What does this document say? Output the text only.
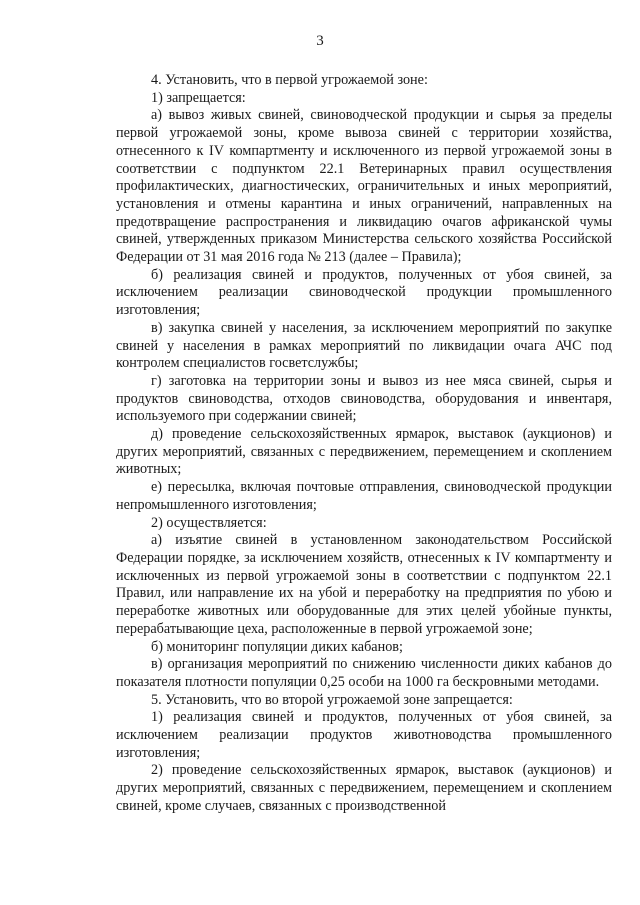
3

4. Установить, что в первой угрожаемой зоне:

1) запрещается:

а) вывоз живых свиней, свиноводческой продукции и сырья за пределы первой угрожаемой зоны, кроме вывоза свиней с территории хозяйства, отнесенного к IV компартменту и исключенного из первой угрожаемой зоны в соответствии с подпунктом 22.1 Ветеринарных правил осуществления профилактических, диагностических, ограничительных и иных мероприятий, установления и отмены карантина и иных ограничений, направленных на предотвращение распространения и ликвидацию очагов африканской чумы свиней, утвержденных приказом Министерства сельского хозяйства Российской Федерации от 31 мая 2016 года № 213 (далее – Правила);

б) реализация свиней и продуктов, полученных от убоя свиней, за исключением реализации свиноводческой продукции промышленного изготовления;

в) закупка свиней у населения, за исключением мероприятий по закупке свиней у населения в рамках мероприятий по ликвидации очага АЧС под контролем специалистов госветслужбы;

г) заготовка на территории зоны и вывоз из нее мяса свиней, сырья и продуктов свиноводства, отходов свиноводства, оборудования и инвентаря, используемого при содержании свиней;

д) проведение сельскохозяйственных ярмарок, выставок (аукционов) и других мероприятий, связанных с передвижением, перемещением и скоплением животных;

е) пересылка, включая почтовые отправления, свиноводческой продукции непромышленного изготовления;

2) осуществляется:

а) изъятие свиней в установленном законодательством Российской Федерации порядке, за исключением хозяйств, отнесенных к IV компартменту и исключенных из первой угрожаемой зоны в соответствии с подпунктом 22.1 Правил, или направление их на убой и переработку на предприятия по убою и переработке животных или оборудованные для этих целей убойные пункты, перерабатывающие цеха, расположенные в первой угрожаемой зоне;

б) мониторинг популяции диких кабанов;

в) организация мероприятий по снижению численности диких кабанов до показателя плотности популяции 0,25 особи на 1000 га бескровными методами.

5. Установить, что во второй угрожаемой зоне запрещается:

1) реализация свиней и продуктов, полученных от убоя свиней, за исключением реализации продуктов животноводства промышленного изготовления;

2) проведение сельскохозяйственных ярмарок, выставок (аукционов) и других мероприятий, связанных с передвижением, перемещением и скоплением свиней, кроме случаев, связанных с производственной
